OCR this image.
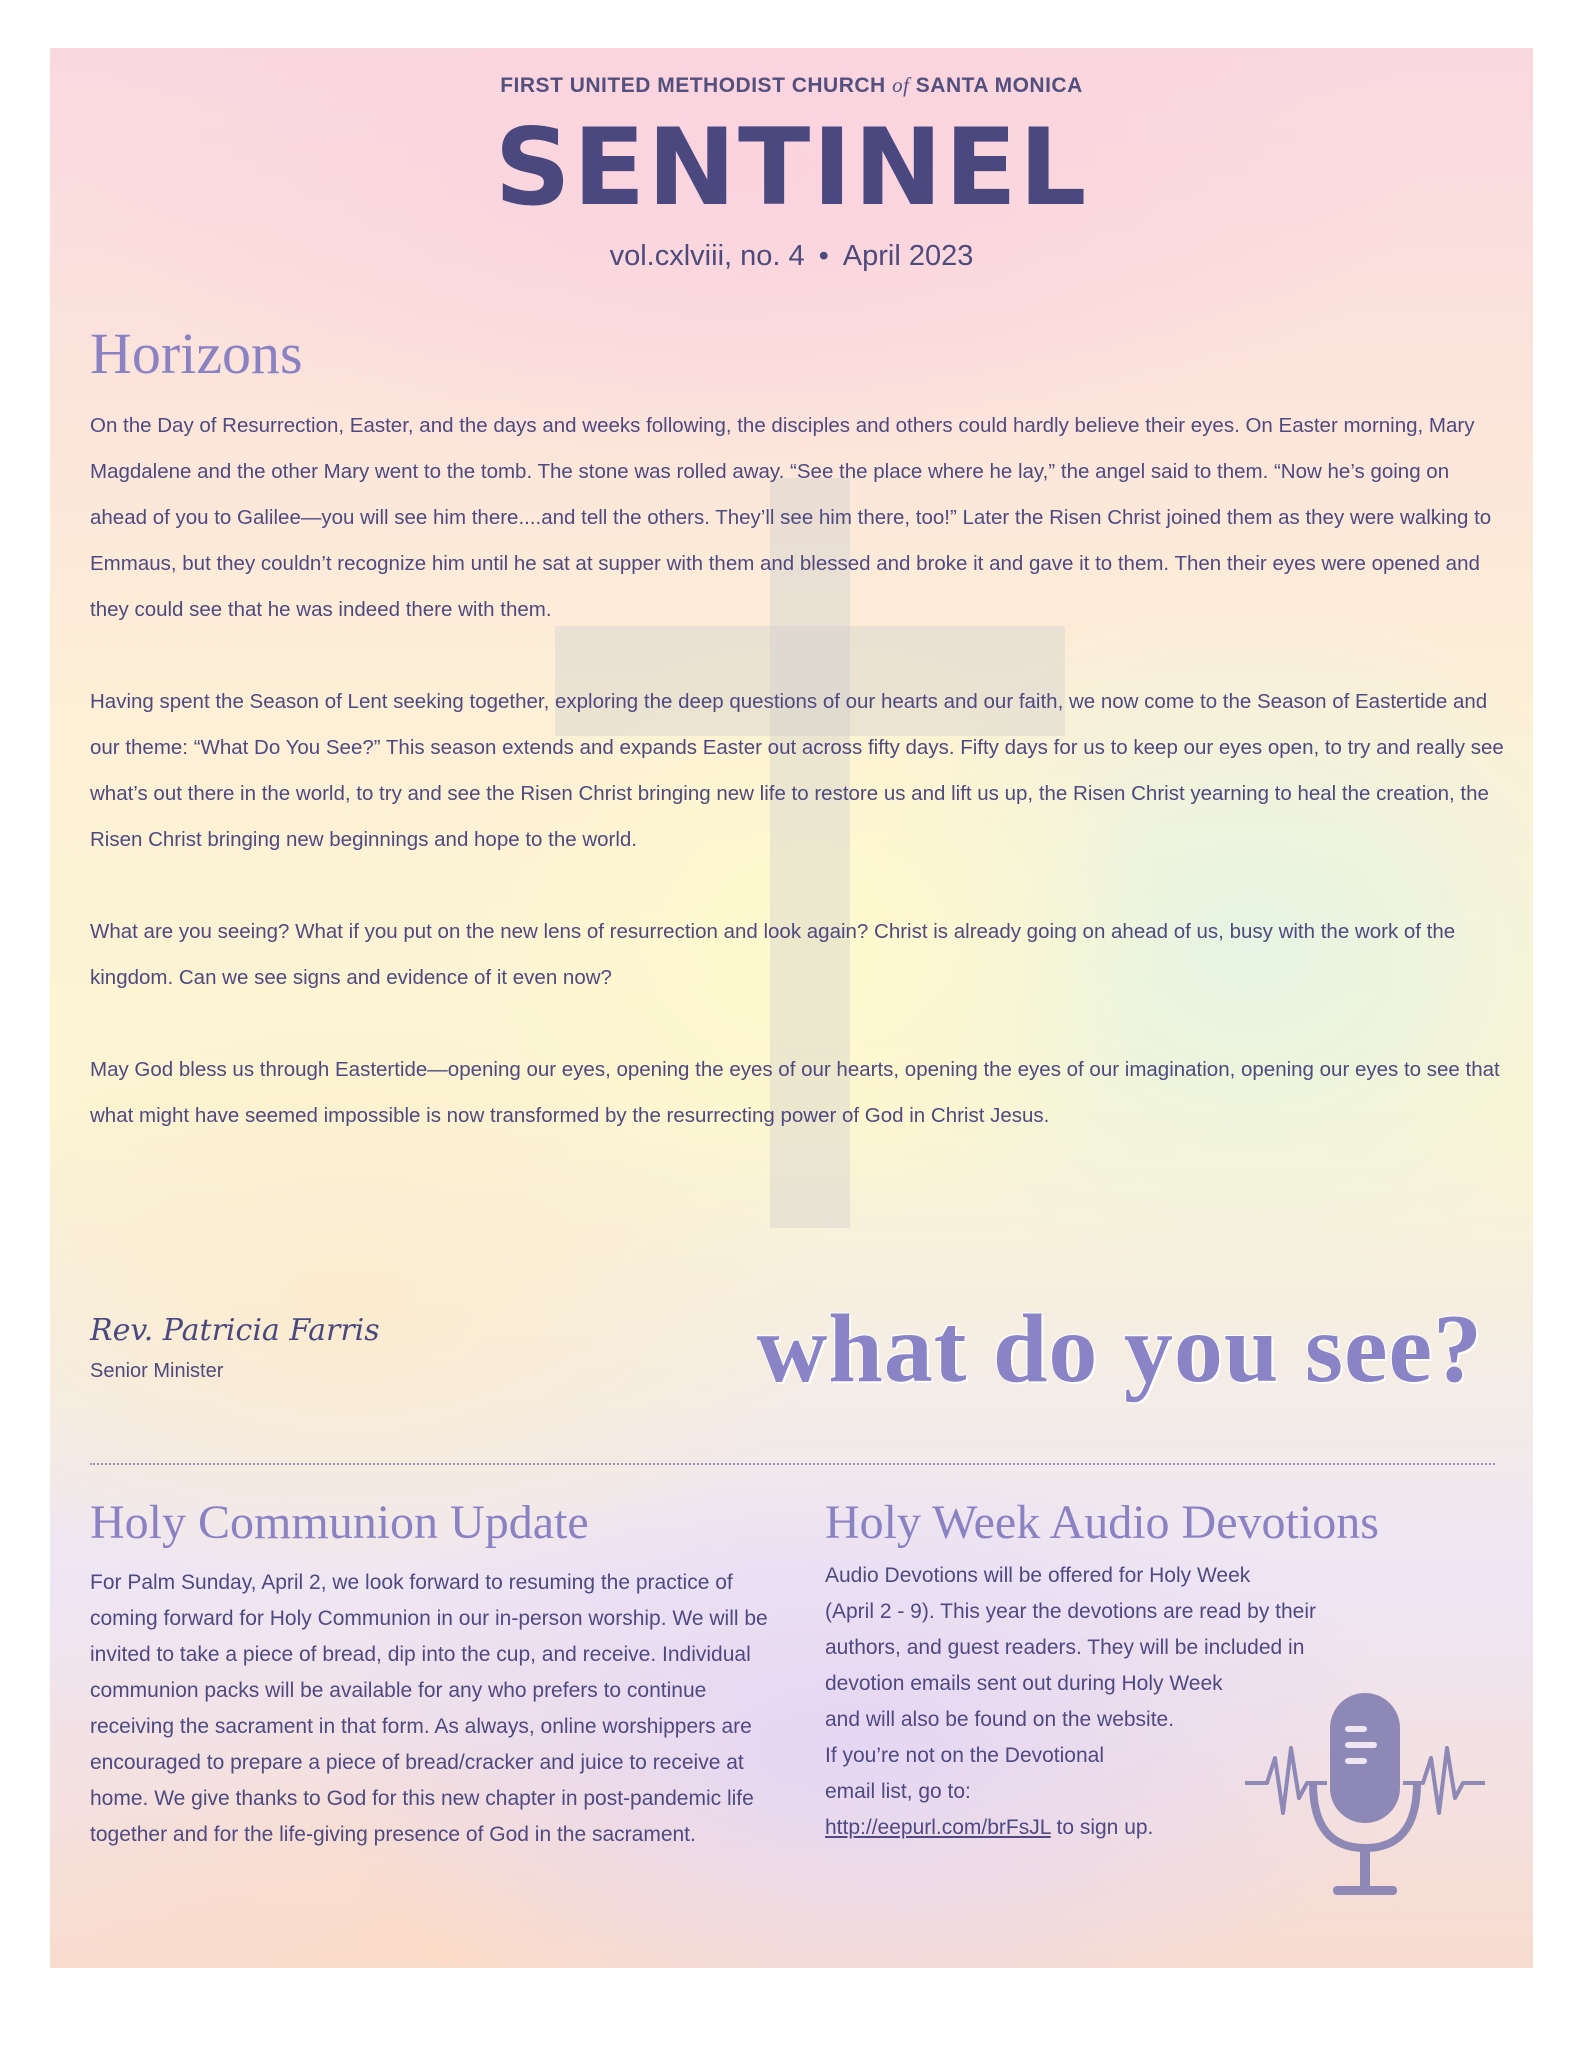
FIRST UNITED METHODIST CHURCH of SANTA MONICA
SENTINEL
vol.cxlviii, no. 4 • April 2023
Horizons

On the Day of Resurrection, Easter, and the days and weeks following, the disciples and others could hardly believe their eyes. On Easter morning, Mary Magdalene and the other Mary went to the tomb. The stone was rolled away. “See the place where he lay,” the angel said to them. “Now he’s going on ahead of you to Galilee—you will see him there....and tell the others. They’ll see him there, too!” Later the Risen Christ joined them as they were walking to Emmaus, but they couldn’t recognize him until he sat at supper with them and blessed and broke it and gave it to them. Then their eyes were opened and they could see that he was indeed there with them.

Having spent the Season of Lent seeking together, exploring the deep questions of our hearts and our faith, we now come to the Season of Eastertide and our theme: “What Do You See?” This season extends and expands Easter out across fifty days. Fifty days for us to keep our eyes open, to try and really see what’s out there in the world, to try and see the Risen Christ bringing new life to restore us and lift us up, the Risen Christ yearning to heal the creation, the Risen Christ bringing new beginnings and hope to the world.

What are you seeing? What if you put on the new lens of resurrection and look again? Christ is already going on ahead of us, busy with the work of the kingdom. Can we see signs and evidence of it even now?

May God bless us through Eastertide—opening our eyes, opening the eyes of our hearts, opening the eyes of our imagination, opening our eyes to see that what might have seemed impossible is now transformed by the resurrecting power of God in Christ Jesus.

Rev. Patricia Farris
Senior Minister	what do you see?
Holy Communion Update

For Palm Sunday, April 2, we look forward to resuming the practice of coming forward for Holy Communion in our in-person worship. We will be invited to take a piece of bread, dip into the cup, and receive. Individual communion packs will be available for any who prefers to continue receiving the sacrament in that form. As always, online worshippers are encouraged to prepare a piece of bread/cracker and juice to receive at home. We give thanks to God for this new chapter in post-pandemic life together and for the life-giving presence of God in the sacrament.

Holy Week Audio Devotions
Audio Devotions will be offered for Holy Week
(April 2 - 9). This year the devotions are read by their
authors, and guest readers. They will be included in
devotion emails sent out during Holy Week
and will also be found on the website.
If you’re not on the Devotional
email list, go to:
http://eepurl.com/brFsJL to sign up.
